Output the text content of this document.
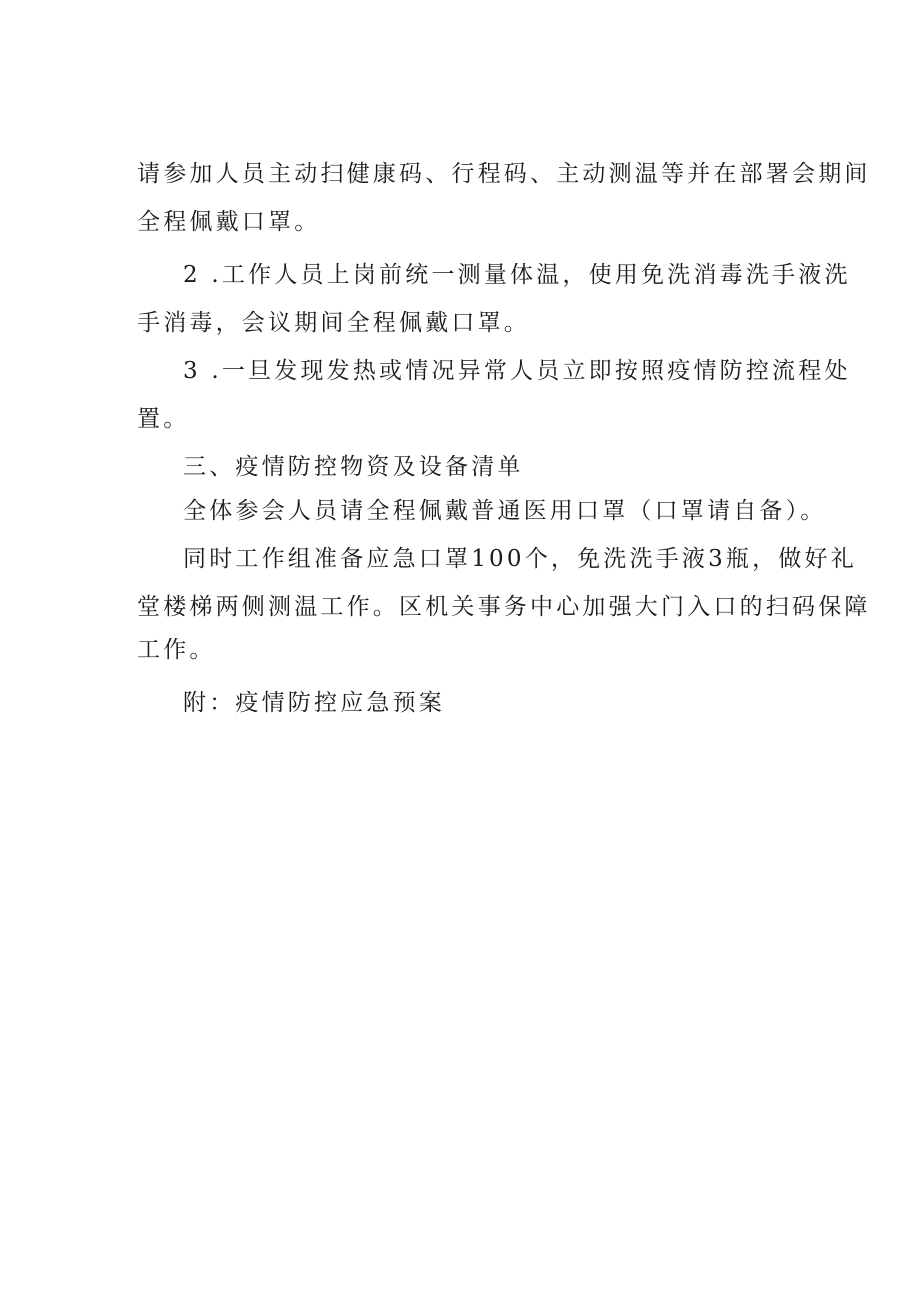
请参加人员主动扫健康码、行程码、主动测温等并在部署会期间
全程佩戴口罩。
2 .工作人员上岗前统一测量体温，使用免洗消毒洗手液洗
手消毒，会议期间全程佩戴口罩。
3 .一旦发现发热或情况异常人员立即按照疫情防控流程处
置。
三、疫情防控物资及设备清单
全体参会人员请全程佩戴普通医用口罩（口罩请自备）。
同时工作组准备应急口罩100个，免洗洗手液3瓶，做好礼
堂楼梯两侧测温工作。区机关事务中心加强大门入口的扫码保障
工作。
附：疫情防控应急预案
